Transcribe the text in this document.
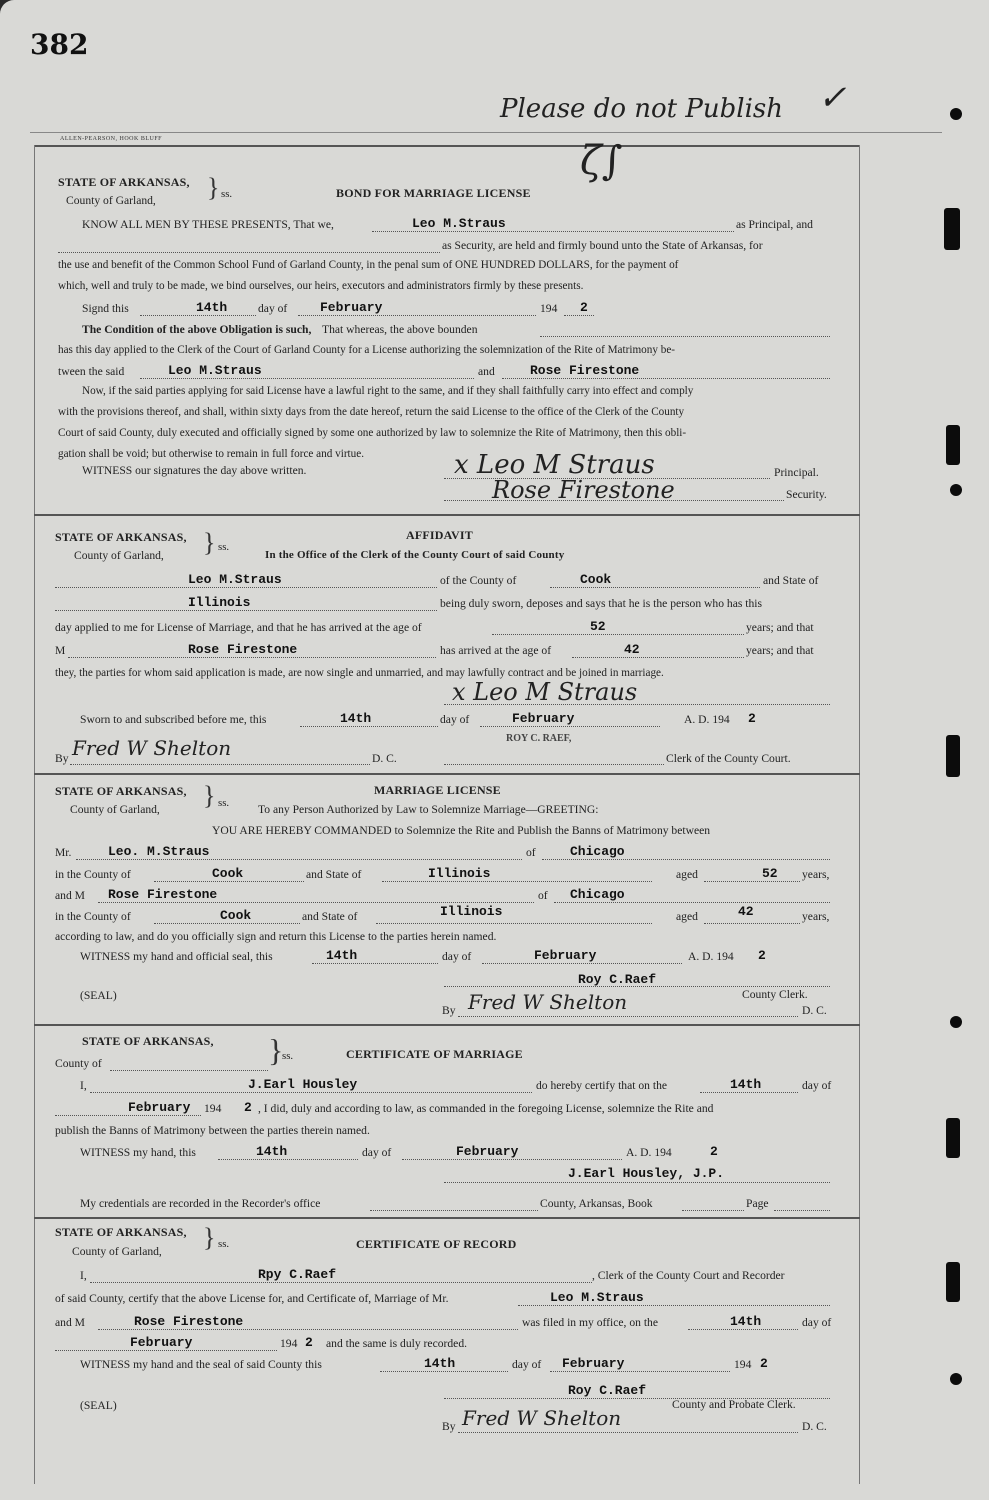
382
Please do not Publish ✓
ALLEN-PEARSON, HOOK BLUFF
STATE OF ARKANSAS,
County of Garland, } ss.	BOND FOR MARRIAGE LICENSE
ζ∫
KNOW ALL MEN BY THESE PRESENTS, That we,	Leo M.Straus	as Principal, and
as Security, are held and firmly bound unto the State of Arkansas, for
the use and benefit of the Common School Fund of Garland County, in the penal sum of ONE HUNDRED DOLLARS, for the payment of
which, well and truly to be made, we bind ourselves, our heirs, executors and administrators firmly by these presents.
Signd this	14th	day of	February	194 2
The Condition of the above Obligation is such, That whereas, the above bounden
has this day applied to the Clerk of the Court of Garland County for a License authorizing the solemnization of the Rite of Matrimony be-
tween the said	Leo M.Straus	and	Rose Firestone
Now, if the said parties applying for said License have a lawful right to the same, and if they shall faithfully carry into effect and comply
with the provisions thereof, and shall, within sixty days from the date hereof, return the said License to the office of the Clerk of the County
Court of said County, duly executed and officially signed by some one authorized by law to solemnize the Rite of Matrimony, then this obli-
gation shall be void; but otherwise to remain in full force and virtue.
WITNESS our signatures the day above written.	x Leo M Straus	Principal.
Rose Firestone	Security.
STATE OF ARKANSAS,
County of Garland, } ss.
AFFIDAVIT
In the Office of the Clerk of the County Court of said County
Leo M.Straus	of the County of	Cook	and State of
Illinois	being duly sworn, deposes and says that he is the person who has this
day applied to me for License of Marriage, and that he has arrived at the age of	52	years; and that
M	Rose Firestone	has arrived at the age of	42	years; and that
they, the parties for whom said application is made, are now single and unmarried, and may lawfully contract and be joined in marriage.
x Leo M Straus
Sworn to and subscribed before me, this	14th	day of	February	A. D. 194 2
ROY C. RAEF,
By Fred W Shelton	D. C.	Clerk of the County Court.
STATE OF ARKANSAS,
County of Garland, } ss.
MARRIAGE LICENSE
To any Person Authorized by Law to Solemnize Marriage—GREETING:
YOU ARE HEREBY COMMANDED to Solemnize the Rite and Publish the Banns of Matrimony between
Mr.	Leo. M.Straus	of	Chicago
in the County of	Cook	and State of	Illinois	aged	52 years,
and M Rose Firestone	of Chicago
in the County of	Cook	and State of	Illinois	aged	42	years,
according to law, and do you officially sign and return this License to the parties herein named.
WITNESS my hand and official seal, this	14th	day of	February	A. D. 194 2
Roy C.Raef
(SEAL)	County Clerk.
By Fred W Shelton	D. C.
STATE OF ARKANSAS,
County of	}
ss.	CERTIFICATE OF MARRIAGE
I,	J.Earl Housley	do hereby certify that on the	14th	day of
February 194 2 , I did, duly and according to law, as commanded in the foregoing License, solemnize the Rite and
publish the Banns of Matrimony between the parties therein named.
WITNESS my hand, this	14th	day of	February	A. D. 194	2
J.Earl Housley, J.P.
My credentials are recorded in the Recorder's office	County, Arkansas, Book	Page
STATE OF ARKANSAS,
County of Garland, } ss.	CERTIFICATE OF RECORD
I,	Rpy C.Raef	, Clerk of the County Court and Recorder
of said County, certify that the above License for, and Certificate of, Marriage of Mr.	Leo M.Straus
and M	Rose Firestone	was filed in my office, on the	14th	day of
February	194 2 and the same is duly recorded.
WITNESS my hand and the seal of said County this	14th	day of February	194 2
Roy C.Raef
(SEAL)	County and Probate Clerk.
By Fred W Shelton	D. C.
